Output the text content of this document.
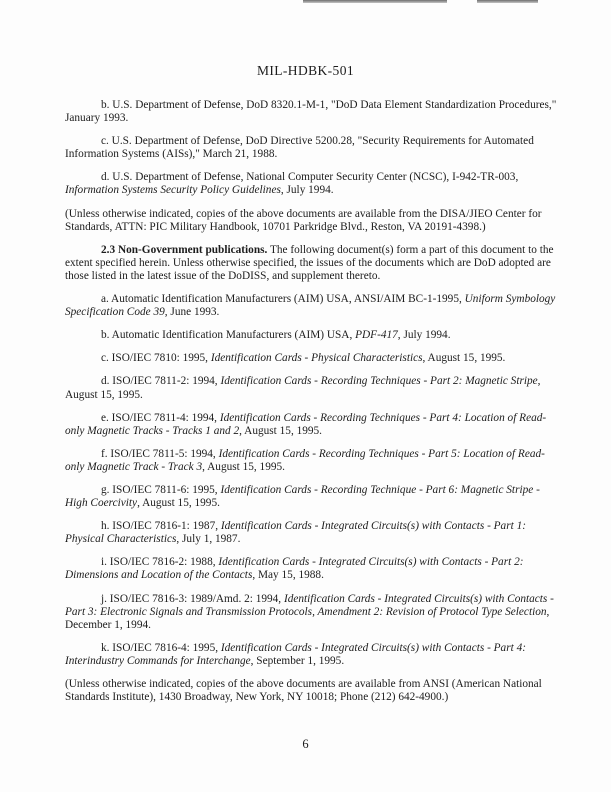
MIL-HDBK-501

b. U.S. Department of Defense, DoD 8320.1-M-1, "DoD Data Element Standardization Procedures," January 1993.

c. U.S. Department of Defense, DoD Directive 5200.28, "Security Requirements for Automated Information Systems (AISs)," March 21, 1988.

d. U.S. Department of Defense, National Computer Security Center (NCSC), I-942-TR-003, Information Systems Security Policy Guidelines, July 1994.

(Unless otherwise indicated, copies of the above documents are available from the DISA/JIEO Center for Standards, ATTN: PIC Military Handbook, 10701 Parkridge Blvd., Reston, VA 20191-4398.)

2.3 Non-Government publications. The following document(s) form a part of this document to the extent specified herein. Unless otherwise specified, the issues of the documents which are DoD adopted are those listed in the latest issue of the DoDISS, and supplement thereto.

a. Automatic Identification Manufacturers (AIM) USA, ANSI/AIM BC-1-1995, Uniform Symbology Specification Code 39, June 1993.

b. Automatic Identification Manufacturers (AIM) USA, PDF-417, July 1994.

c. ISO/IEC 7810: 1995, Identification Cards - Physical Characteristics, August 15, 1995.

d. ISO/IEC 7811-2: 1994, Identification Cards - Recording Techniques - Part 2: Magnetic Stripe, August 15, 1995.

e. ISO/IEC 7811-4: 1994, Identification Cards - Recording Techniques - Part 4: Location of Read-only Magnetic Tracks - Tracks 1 and 2, August 15, 1995.

f. ISO/IEC 7811-5: 1994, Identification Cards - Recording Techniques - Part 5: Location of Read-only Magnetic Track - Track 3, August 15, 1995.

g. ISO/IEC 7811-6: 1995, Identification Cards - Recording Technique - Part 6: Magnetic Stripe - High Coercivity, August 15, 1995.

h. ISO/IEC 7816-1: 1987, Identification Cards - Integrated Circuits(s) with Contacts - Part 1: Physical Characteristics, July 1, 1987.

i. ISO/IEC 7816-2: 1988, Identification Cards - Integrated Circuits(s) with Contacts - Part 2: Dimensions and Location of the Contacts, May 15, 1988.

j. ISO/IEC 7816-3: 1989/Amd. 2: 1994, Identification Cards - Integrated Circuits(s) with Contacts - Part 3: Electronic Signals and Transmission Protocols, Amendment 2: Revision of Protocol Type Selection, December 1, 1994.

k. ISO/IEC 7816-4: 1995, Identification Cards - Integrated Circuits(s) with Contacts - Part 4: Interindustry Commands for Interchange, September 1, 1995.

(Unless otherwise indicated, copies of the above documents are available from ANSI (American National Standards Institute), 1430 Broadway, New York, NY 10018; Phone (212) 642-4900.)

6
